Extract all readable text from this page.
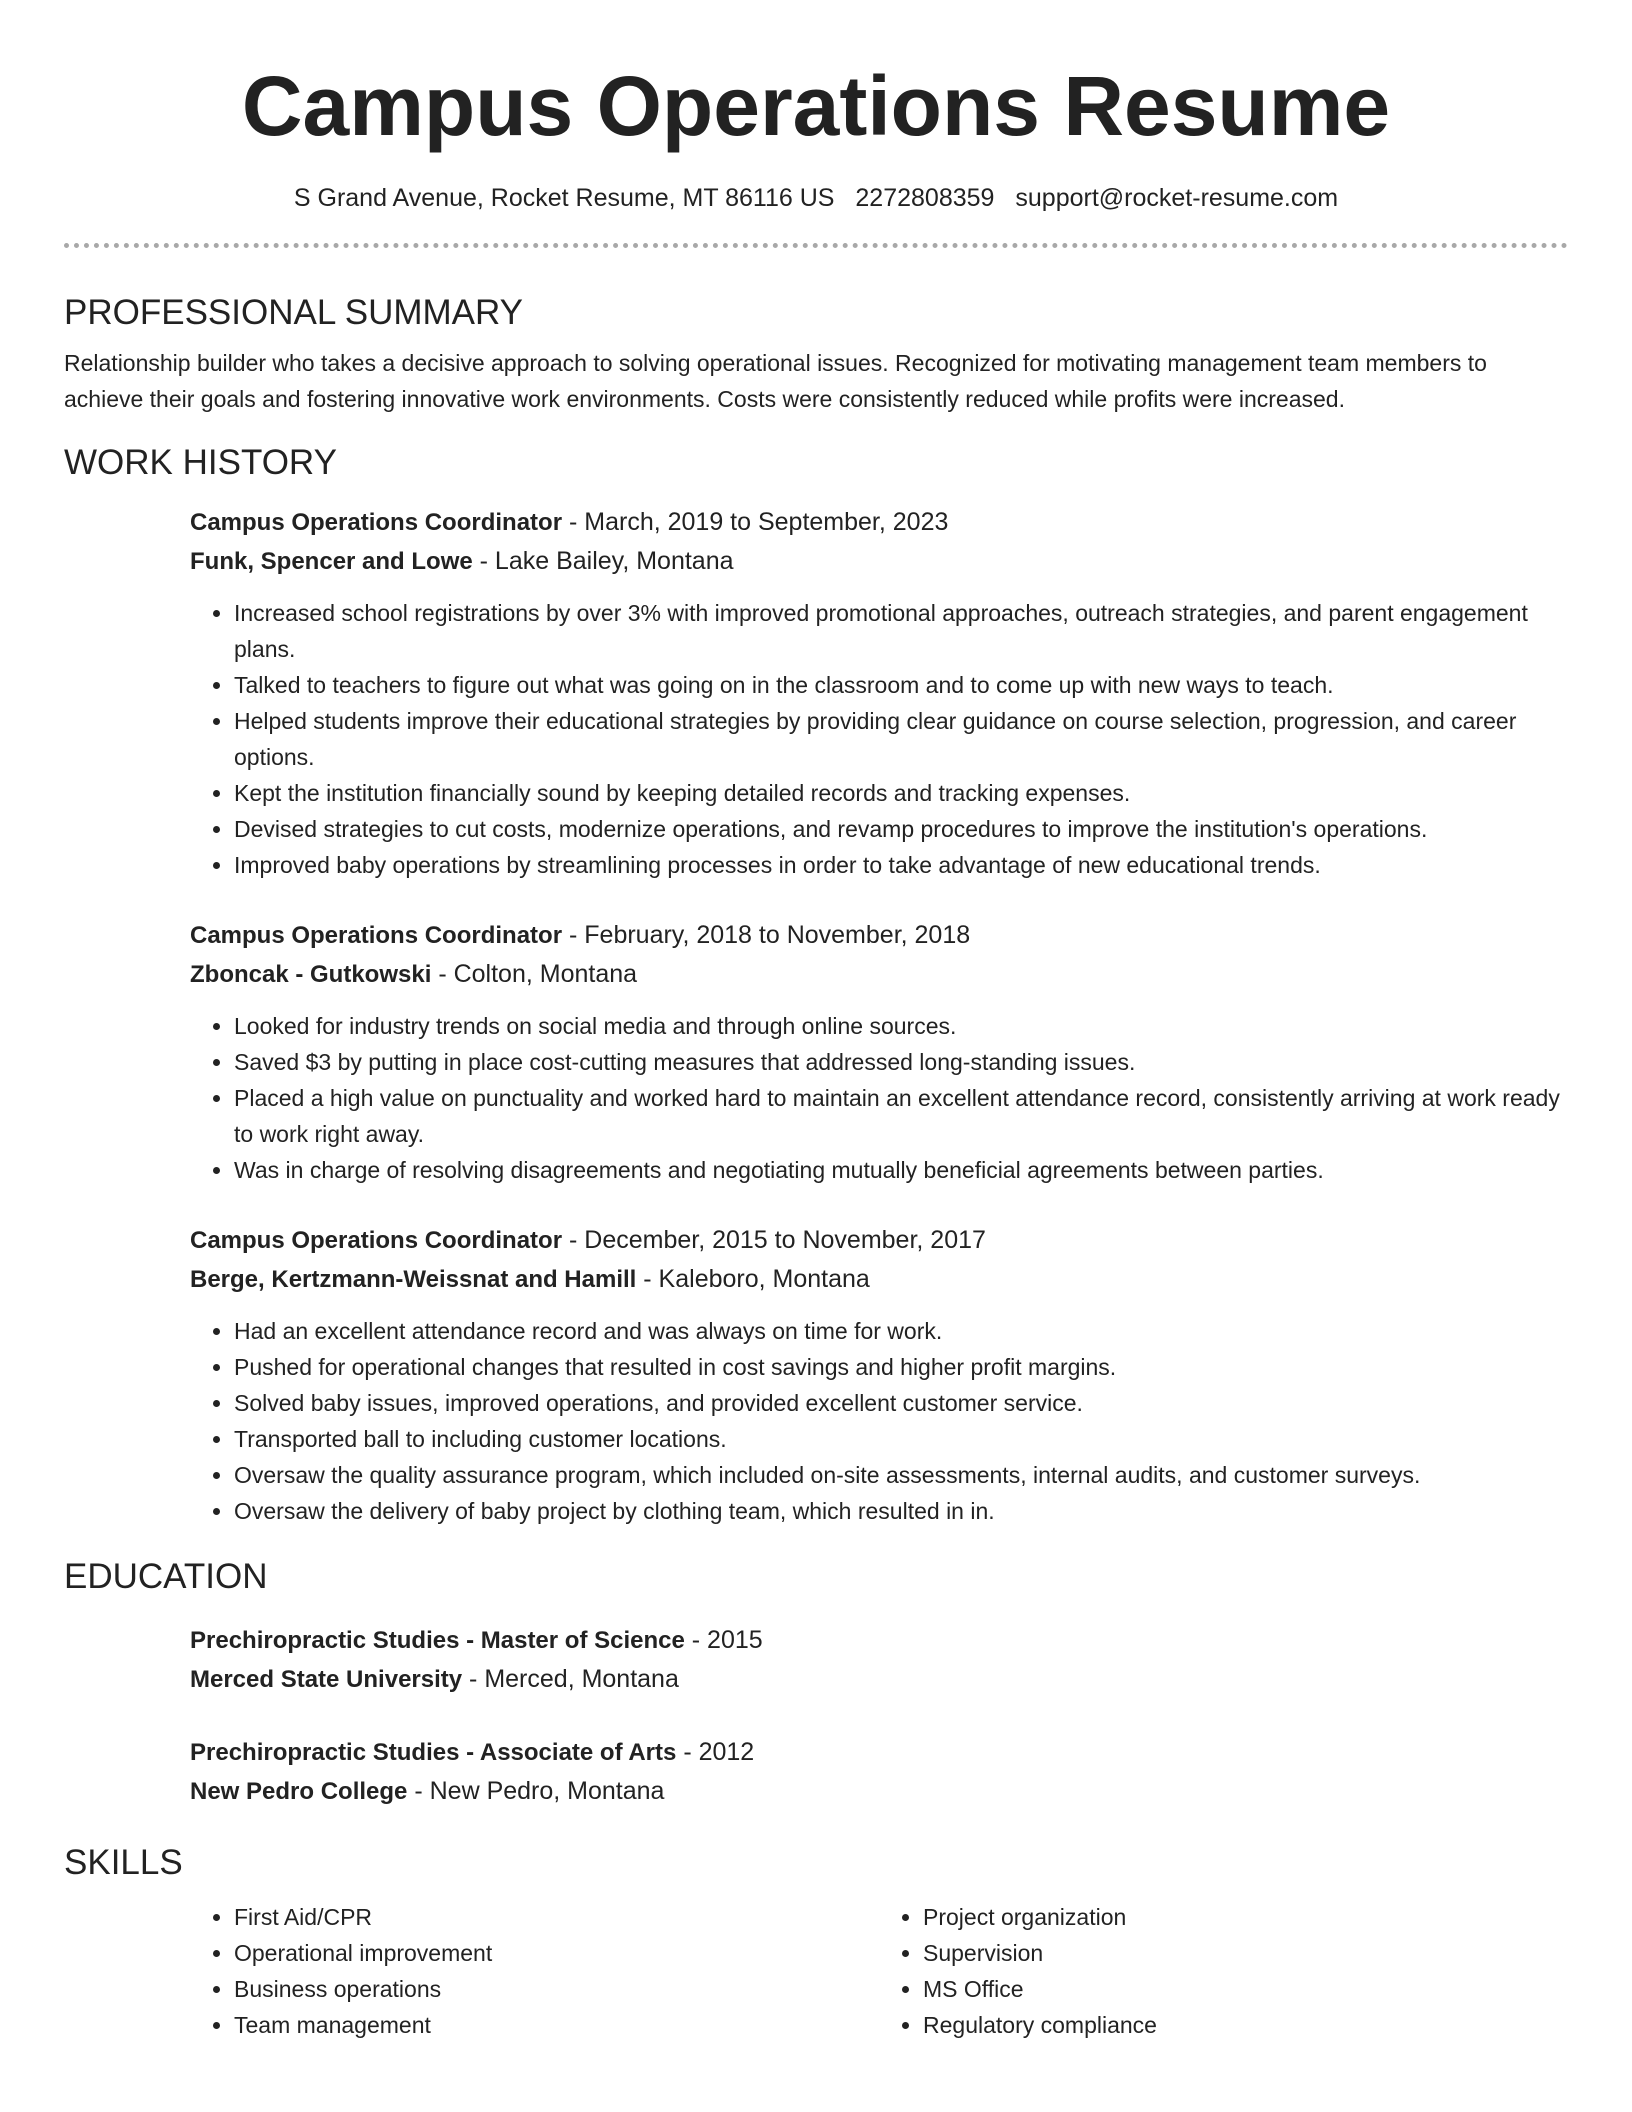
Campus Operations Resume
S Grand Avenue, Rocket Resume, MT 86116 US 2272808359 support@rocket-resume.com
PROFESSIONAL SUMMARY

Relationship builder who takes a decisive approach to solving operational issues. Recognized for motivating management team members to achieve their goals and fostering innovative work environments. Costs were consistently reduced while profits were increased.

WORK HISTORY
Campus Operations Coordinator - March, 2019 to September, 2023
Funk, Spencer and Lowe - Lake Bailey, Montana
• Increased school registrations by over 3% with improved promotional approaches, outreach strategies, and parent engagement plans.
• Talked to teachers to figure out what was going on in the classroom and to come up with new ways to teach.
• Helped students improve their educational strategies by providing clear guidance on course selection, progression, and career options.
• Kept the institution financially sound by keeping detailed records and tracking expenses.
• Devised strategies to cut costs, modernize operations, and revamp procedures to improve the institution's operations.
• Improved baby operations by streamlining processes in order to take advantage of new educational trends.
Campus Operations Coordinator - February, 2018 to November, 2018
Zboncak - Gutkowski - Colton, Montana
• Looked for industry trends on social media and through online sources.
• Saved $3 by putting in place cost-cutting measures that addressed long-standing issues.
• Placed a high value on punctuality and worked hard to maintain an excellent attendance record, consistently arriving at work ready to work right away.
• Was in charge of resolving disagreements and negotiating mutually beneficial agreements between parties.
Campus Operations Coordinator - December, 2015 to November, 2017
Berge, Kertzmann-Weissnat and Hamill - Kaleboro, Montana
• Had an excellent attendance record and was always on time for work.
• Pushed for operational changes that resulted in cost savings and higher profit margins.
• Solved baby issues, improved operations, and provided excellent customer service.
• Transported ball to including customer locations.
• Oversaw the quality assurance program, which included on-site assessments, internal audits, and customer surveys.
• Oversaw the delivery of baby project by clothing team, which resulted in in.
EDUCATION
Prechiropractic Studies - Master of Science - 2015
Merced State University - Merced, Montana
Prechiropractic Studies - Associate of Arts - 2012
New Pedro College - New Pedro, Montana
SKILLS
• First Aid/CPR
• Operational improvement
• Business operations
• Team management
• Project organization
• Supervision
• MS Office
• Regulatory compliance
